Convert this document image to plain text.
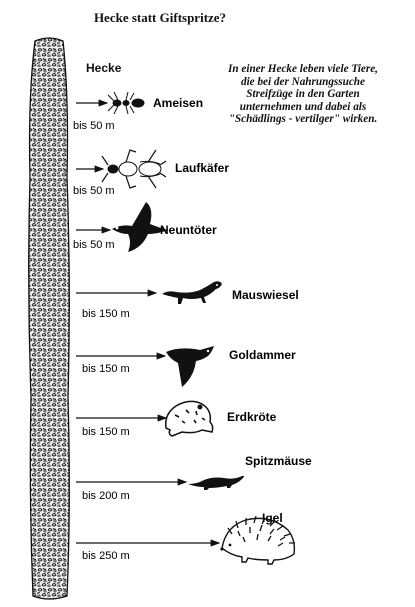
Hecke statt Giftspritze?
Hecke	In einer Hecke leben viele Tiere, die bei der Nahrungssuche Streifzüge in den Garten unternehmen und dabei als "Schädlings - vertilger" wirken.
bis 50 m
Ameisen
bis 50 m
Laufkäfer
bis 50 m
Neuntöter
bis 150 m
Mauswiesel
bis 150 m
Goldammer
bis 150 m
Erdkröte
bis 200 m
Spitzmäuse
bis 250 m
Igel
